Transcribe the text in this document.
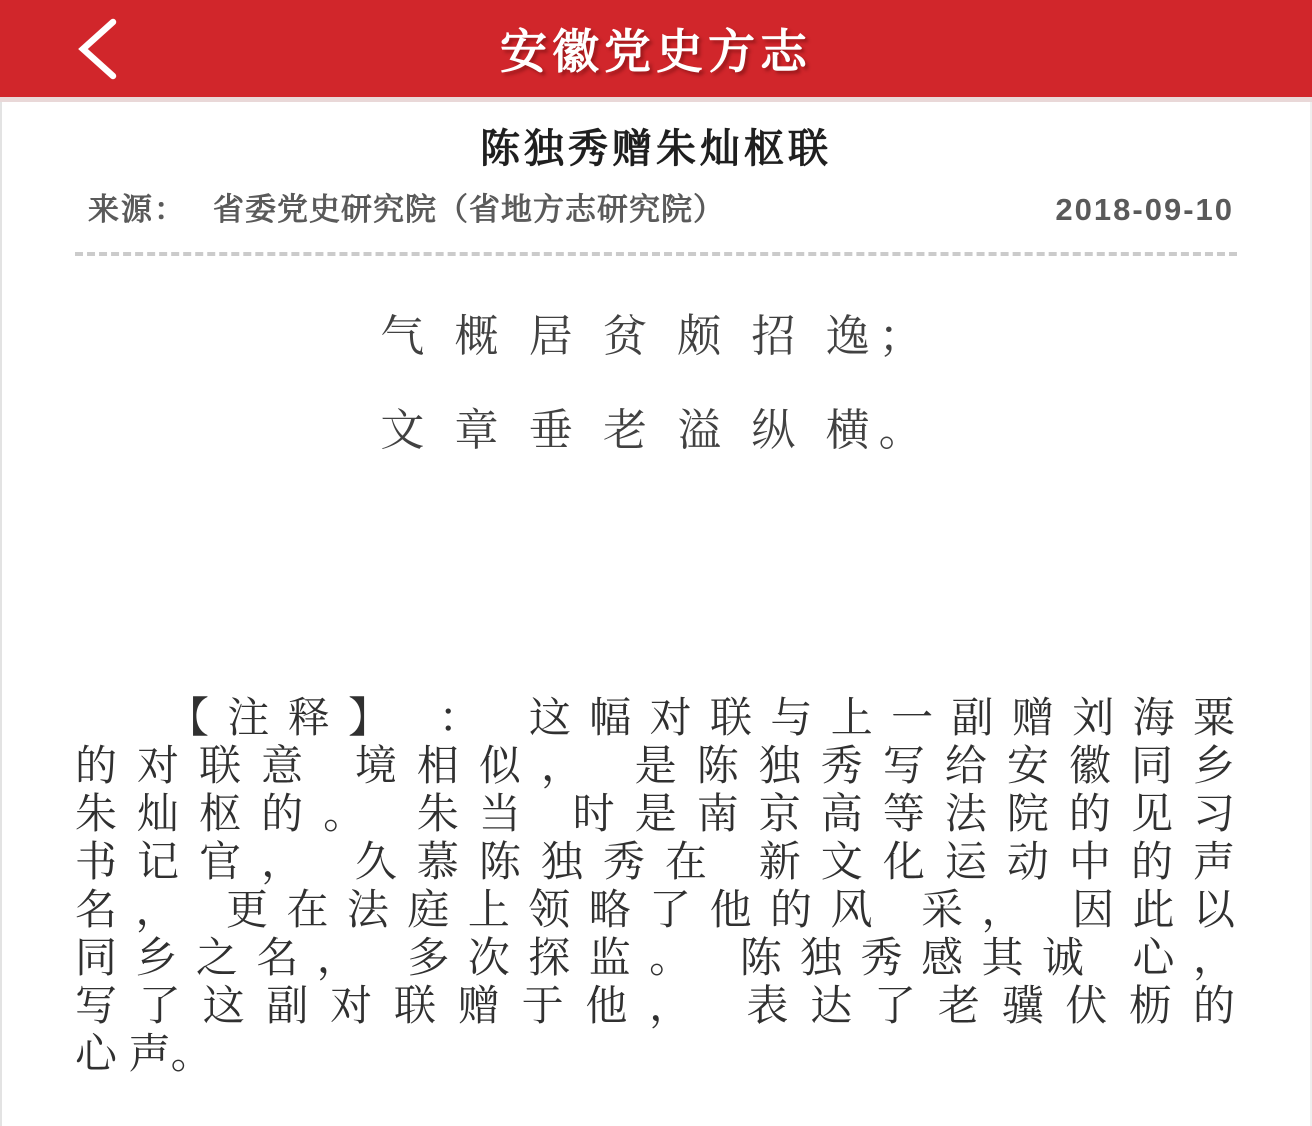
安徽党史方志
陈独秀赠朱灿枢联
来源： 省委党史研究院（省地方志研究院）	2018-09-10
气 概 居 贫 颇 招 逸；
文 章 垂 老 溢 纵 横。
【注释】 ： 这幅对联与上一副赠刘海粟
的对联意 境相似， 是陈独秀写给安徽同乡
朱灿枢的。 朱当 时是南京高等法院的见习
书记官， 久慕陈独秀在 新文化运动中的声
名， 更在法庭上领略了他的风 采， 因此以
同乡之名， 多次探监。 陈独秀感其诚 心，
写了这副对联赠于他， 表达了老骥伏枥的
心 声。
